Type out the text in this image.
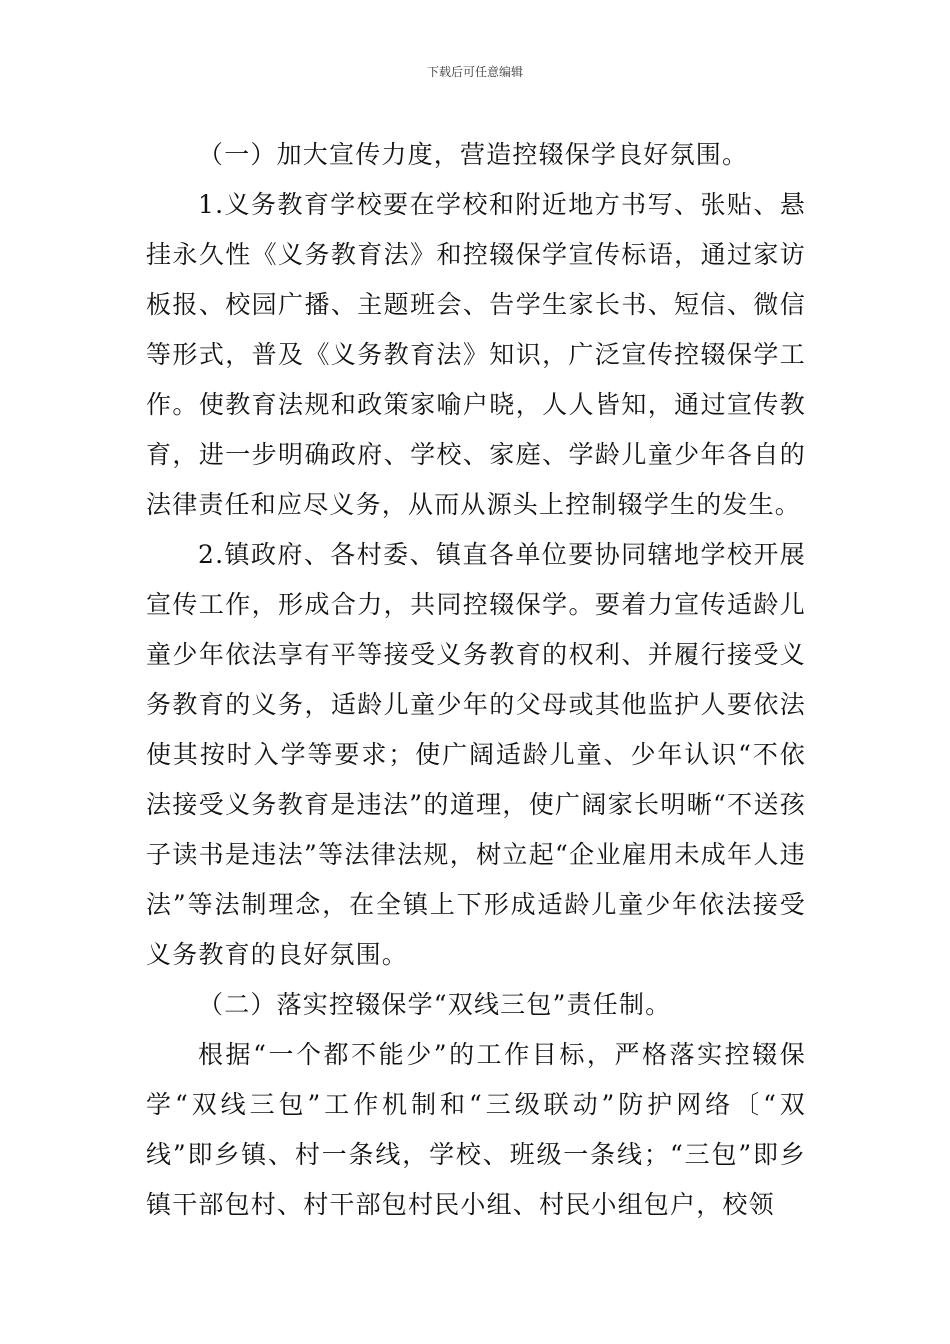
下载后可任意编辑

（一）加大宣传力度，营造控辍保学良好氛围。

1.义务教育学校要在学校和附近地方书写、张贴、悬挂永久性《义务教育法》和控辍保学宣传标语，通过家访板报、校园广播、主题班会、告学生家长书、短信、微信等形式，普及《义务教育法》知识，广泛宣传控辍保学工作。使教育法规和政策家喻户晓，人人皆知，通过宣传教育，进一步明确政府、学校、家庭、学龄儿童少年各自的法律责任和应尽义务，从而从源头上控制辍学生的发生。

2.镇政府、各村委、镇直各单位要协同辖地学校开展宣传工作，形成合力，共同控辍保学。要着力宣传适龄儿童少年依法享有平等接受义务教育的权利、并履行接受义务教育的义务，适龄儿童少年的父母或其他监护人要依法使其按时入学等要求；使广阔适龄儿童、少年认识“不依法接受义务教育是违法”的道理，使广阔家长明晰“不送孩子读书是违法”等法律法规，树立起“企业雇用未成年人违法”等法制理念，在全镇上下形成适龄儿童少年依法接受义务教育的良好氛围。

（二）落实控辍保学“双线三包”责任制。

根据“一个都不能少”的工作目标，严格落实控辍保学“双线三包”工作机制和“三级联动”防护网络〔“双线”即乡镇、村一条线，学校、班级一条线；“三包”即乡镇干部包村、村干部包村民小组、村民小组包户，校领
